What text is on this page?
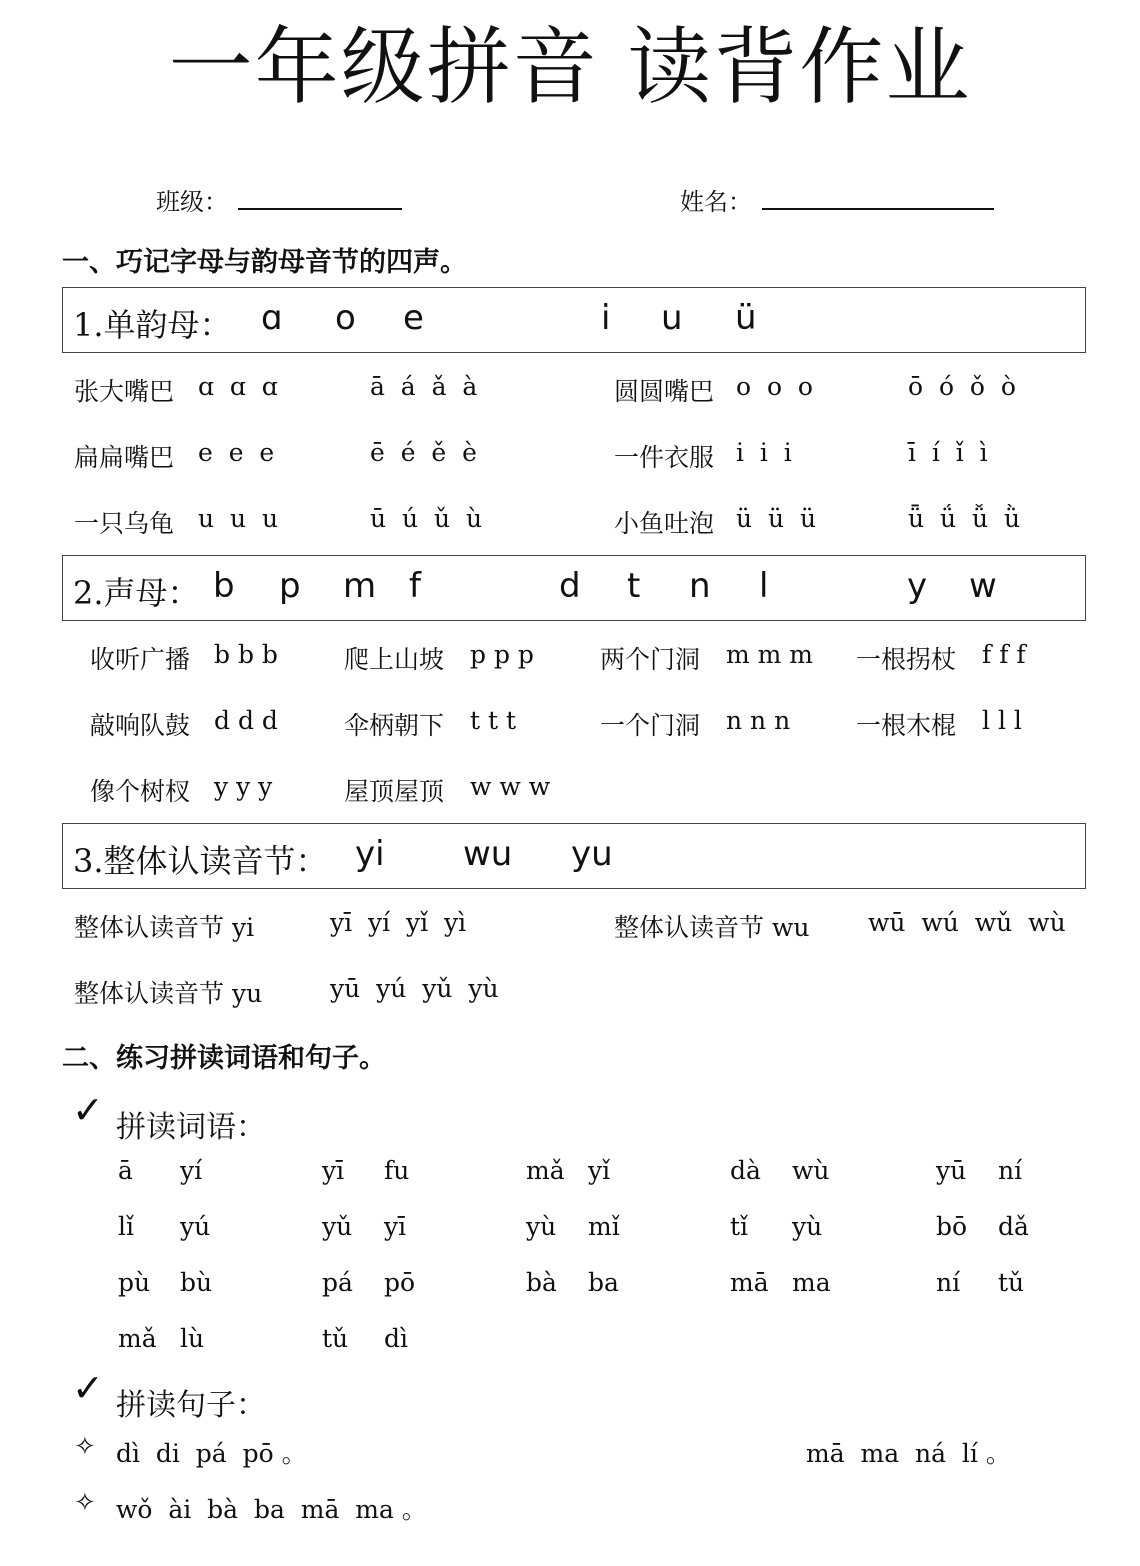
一年级拼音 读背作业
班级：	姓名：
一、巧记字母与韵母音节的四声。
1.单韵母： ɑ o e	i u ü
张大嘴巴 ɑ  ɑ  ɑ	ā  á  ǎ  à	圆圆嘴巴 o  o  o	ō  ó  ǒ  ò
扁扁嘴巴 e  e  e	ē  é  ě  è	一件衣服 i  i  i	ī  í  ǐ  ì
一只乌龟 u  u  u	ū  ú  ǔ  ù	小鱼吐泡 ü  ü  ü	ǖ  ǘ  ǚ  ǜ
2.声母： b p m f	d t n l	y w
收听广播 b b b	爬上山坡 p p p	两个门洞 m m m 一根拐杖 f f f
敲响队鼓 d d d	伞柄朝下 t t t	一个门洞 n n n	一根木棍 l l l
像个树杈 y y y	屋顶屋顶 w w w
3.整体认读音节： yi wu yu
整体认读音节 yi	yī  yí  yǐ  yì	整体认读音节 wu wū  wú  wǔ  wù
整体认读音节 yu	yū  yú  yǔ  yù
二、练习拼读词语和句子。
✓ 拼读词语：
ā yí	yī fu	mǎ yǐ	dà wù	yū ní
lǐ yú	yǔ yī	yù mǐ	tǐ yù	bō dǎ
pù bù	pá pō	bà ba	mā ma	ní tǔ
mǎ lù	tǔ dì
✓ 拼读句子：
✧ dì  di  pá  pō 。	mā  ma  ná  lí 。
✧ wǒ  ài  bà  ba  mā  ma 。
